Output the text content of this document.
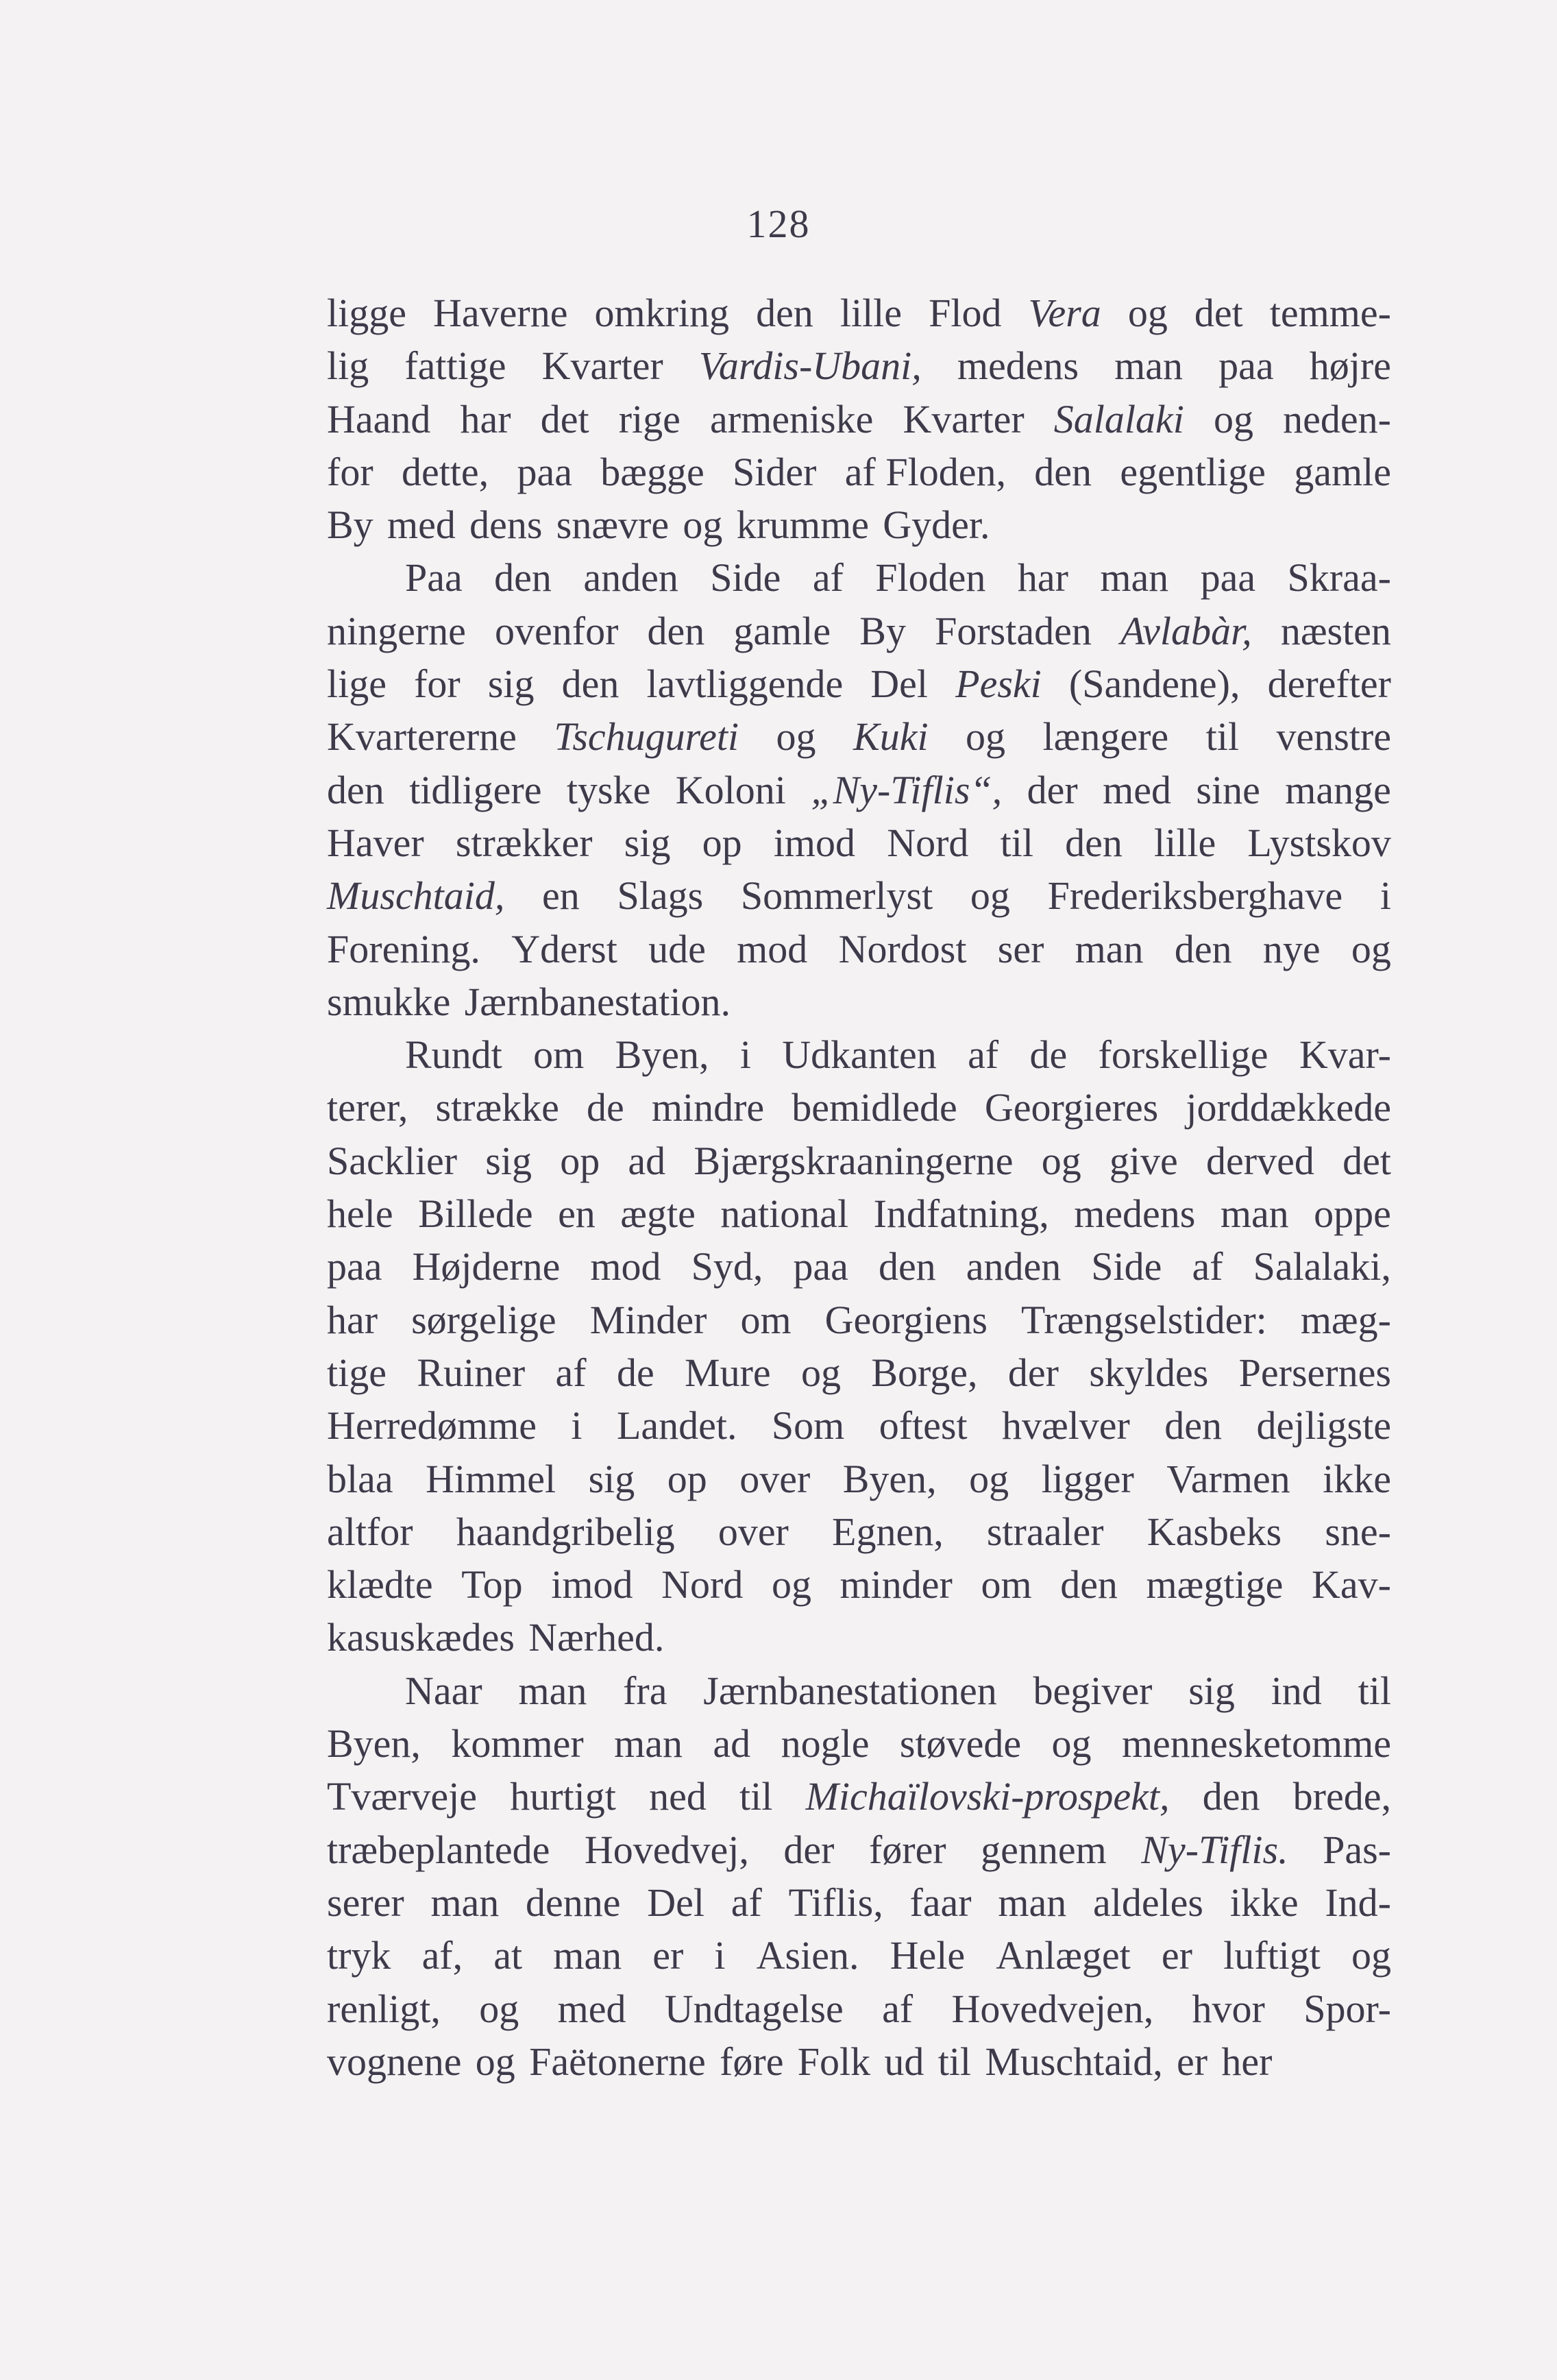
128
ligge Haverne omkring den lille Flod Vera og det temme-
lig fattige Kvarter Vardis-Ubani, medens man paa højre
Haand har det rige armeniske Kvarter Salalaki og neden-
for dette, paa bægge Sider af Floden, den egentlige gamle
By med dens snævre og krumme Gyder.
Paa den anden Side af Floden har man paa Skraa-
ningerne ovenfor den gamle By Forstaden Avlabàr, næsten
lige for sig den lavtliggende Del Peski (Sandene), derefter
Kvartererne Tschugureti og Kuki og længere til venstre
den tidligere tyske Koloni „Ny-Tiflis“, der med sine mange
Haver strækker sig op imod Nord til den lille Lystskov
Muschtaid, en Slags Sommerlyst og Frederiksberghave i
Forening. Yderst ude mod Nordost ser man den nye og
smukke Jærnbanestation.
Rundt om Byen, i Udkanten af de forskellige Kvar-
terer, strække de mindre bemidlede Georgieres jorddækkede
Sacklier sig op ad Bjærgskraaningerne og give derved det
hele Billede en ægte national Indfatning, medens man oppe
paa Højderne mod Syd, paa den anden Side af Salalaki,
har sørgelige Minder om Georgiens Trængselstider: mæg-
tige Ruiner af de Mure og Borge, der skyldes Persernes
Herredømme i Landet. Som oftest hvælver den dejligste
blaa Himmel sig op over Byen, og ligger Varmen ikke
altfor haandgribelig over Egnen, straaler Kasbeks sne-
klædte Top imod Nord og minder om den mægtige Kav-
kasuskædes Nærhed.
Naar man fra Jærnbanestationen begiver sig ind til
Byen, kommer man ad nogle støvede og mennesketomme
Tværveje hurtigt ned til Michaïlovski-prospekt, den brede,
træbeplantede Hovedvej, der fører gennem Ny-Tiflis. Pas-
serer man denne Del af Tiflis, faar man aldeles ikke Ind-
tryk af, at man er i Asien. Hele Anlæget er luftigt og
renligt, og med Undtagelse af Hovedvejen, hvor Spor-
vognene og Faëtonerne føre Folk ud til Muschtaid, er her
